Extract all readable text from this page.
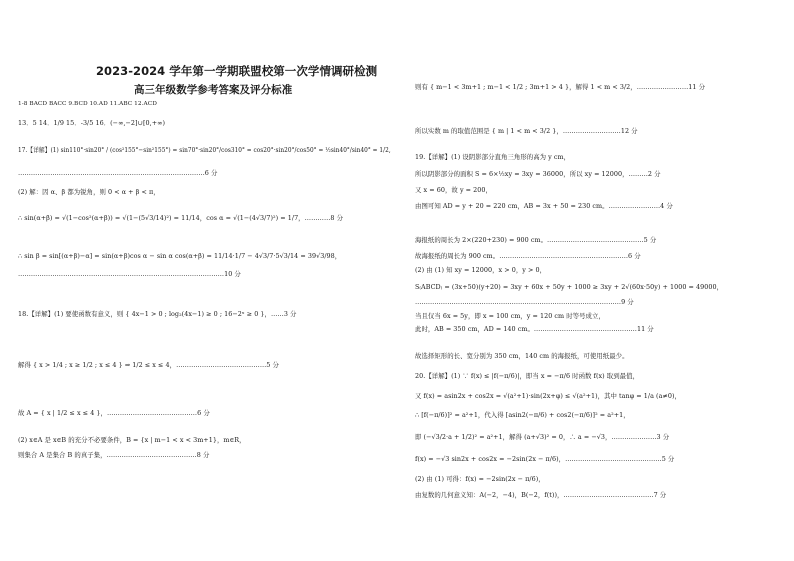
2023-2024 学年第一学期联盟校第一次学情调研检测
高三年级数学参考答案及评分标准
1-8 BACD BACC 9.BCD 10.AD 11.ABC 12.ACD
13．5 14．1/9 15．-3/5 16．(−∞,−2]∪[0,+∞)
17.【详解】(1) sin110°·sin20° / (cos²155°−sin²155°) = sin70°·sin20°/cos310° = cos20°·sin20°/cos50° = ½sin40°/sin40° = 1/2,
……………………………………………………………………………6 分
(2) 解：因 α、β 都为锐角，则 0 < α + β < π，
∴ sin(α+β) = √(1−cos²(α+β)) = √(1−(5√3/14)²) = 11/14，cos α = √(1−(4√3/7)²) = 1/7，…………8 分
∴ sin β = sin[(α+β)−α] = sin(α+β)cos α − sin α cos(α+β) = 11/14·1/7 − 4√3/7·5√3/14 = 39√3/98，
……………………………………………………………………………………10 分
18.【详解】(1) 要使函数有意义，则 { 4x−1 > 0 ; log₂(4x−1) ≥ 0 ; 16−2ˣ ≥ 0 }，……3 分
解得 { x > 1/4 ; x ≥ 1/2 ; x ≤ 4 } ⇒ 1/2 ≤ x ≤ 4，……………………………………5 分
故 A = { x | 1/2 ≤ x ≤ 4 }，……………………………………6 分
(2) x∈A 是 x∈B 的充分不必要条件，B = {x | m−1 < x < 3m+1}，m∈R，
则集合 A 是集合 B 的真子集，……………………………………8 分
则有 { m−1 < 3m+1 ; m−1 < 1/2 ; 3m+1 > 4 }，解得 1 < m < 3/2，……………………11 分
所以实数 m 的取值范围是 { m | 1 < m < 3/2 }，………………………12 分
19.【详解】(1) 设阴影部分直角三角形的高为 y cm，
所以阴影部分的面积 S = 6×½xy = 3xy = 36000，所以 xy = 12000，………2 分
又 x = 60，故 y = 200，
由图可知 AD = y + 20 = 220 cm，AB = 3x + 50 = 230 cm。……………………4 分
海报纸的周长为 2×(220+230) = 900 cm。………………………………………5 分
故海报纸的周长为 900 cm。……………………………………………………6 分
(2) 由 (1) 知 xy = 12000，x > 0，y > 0，
S₍ABCD₎ = (3x+50)(y+20) = 3xy + 60x + 50y + 1000 ≥ 3xy + 2√(60x·50y) + 1000 = 49000，
……………………………………………………………………………………9 分
当且仅当 6x = 5y，即 x = 100 cm，y = 120 cm 时等号成立，
此时，AB = 350 cm，AD = 140 cm。…………………………………………11 分
故选择矩形的长、宽分别为 350 cm，140 cm 的海报纸，可使用纸最少。
20.【详解】(1) ∵ f(x) ≤ |f(−π/6)|，即当 x = −π/6 时函数 f(x) 取到最值，
又 f(x) = asin2x + cos2x = √(a²+1)·sin(2x+φ) ≤ √(a²+1)，其中 tanφ = 1/a (a≠0)，
∴ [f(−π/6)]² = a²+1，代入得 [asin2(−π/6) + cos2(−π/6)]² = a²+1，
即 (−√3/2·a + 1/2)² = a²+1，解得 (a+√3)² = 0，∴ a = −√3，…………………3 分
f(x) = −√3 sin2x + cos2x = −2sin(2x − π/6)，………………………………………5 分
(2) 由 (1) 可得：f(x) = −2sin(2x − π/6)，
由复数的几何意义知：A(−2，−4)，B(−2，f(t))，……………………………………7 分
